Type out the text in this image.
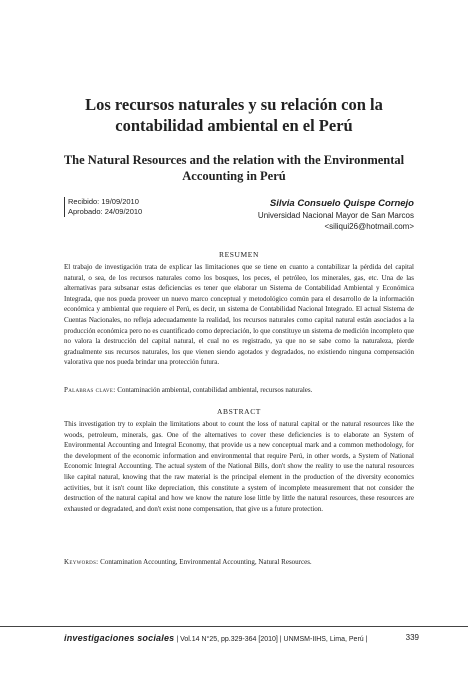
Los recursos naturales y su relación con la contabilidad ambiental en el Perú
The Natural Resources and the relation with the Environmental Accounting in Perú
Recibido: 19/09/2010
Aprobado: 24/09/2010
Silvia Consuelo Quispe Cornejo
Universidad Nacional Mayor de San Marcos
<siliqui26@hotmail.com>
RESUMEN
El trabajo de investigación trata de explicar las limitaciones que se tiene en cuanto a contabilizar la pérdida del capital natural, o sea, de los recursos naturales como los bosques, los peces, el petróleo, los minerales, gas, etc. Una de las alternativas para subsanar estas deficiencias es tener que elaborar un Sistema de Contabilidad Ambiental y Económica Integrada, que nos pueda proveer un nuevo marco conceptual y metodológico común para el desarrollo de la información económica y ambiental que requiere el Perú, es decir, un sistema de Contabilidad Nacional Integrado. El actual Sistema de Cuentas Nacionales, no refleja adecuadamente la realidad, los recursos naturales como capital natural están asociados a la producción económica pero no es cuantificado como depreciación, lo que constituye un sistema de medición incompleto que no valora la destrucción del capital natural, el cual no es registrado, ya que no se sabe como la naturaleza, pierde gradualmente sus recursos naturales, los que vienen siendo agotados y degradados, no existiendo ninguna compensación valorativa que nos pueda brindar una protección futura.
Palabras clave: Contaminación ambiental, contabilidad ambiental, recursos naturales.
ABSTRACT
This investigation try to explain the limitations about to count the loss of natural capital or the natural resources like the woods, petroleum, minerals, gas. One of the alternatives to cover these deficiencies is to elaborate an System of Environmental Accounting and Integral Economy, that provide us a new conceptual mark and a common methodology, for the development of the economic information and environmental that require Perú, in other words, a System of National Economic Integral Accounting. The actual system of the National Bills, don't show the reality to use the natural resources like capital natural, knowing that the raw material is the principal element in the production of the diversity economics activities, but it isn't count like depreciation, this constitute a system of incomplete measurement that not consider the destruction of the natural capital and how we know the nature lose little by little the natural resources, these resources are exhausted or degradated, and don't exist none compensation, that give us a future protection.
Keywords: Contamination Accounting, Environmental Accounting, Natural Resources.
investigaciones sociales | Vol.14 N°25, pp.329-364 [2010] | UNMSM-IIHS, Lima, Perú |	339
